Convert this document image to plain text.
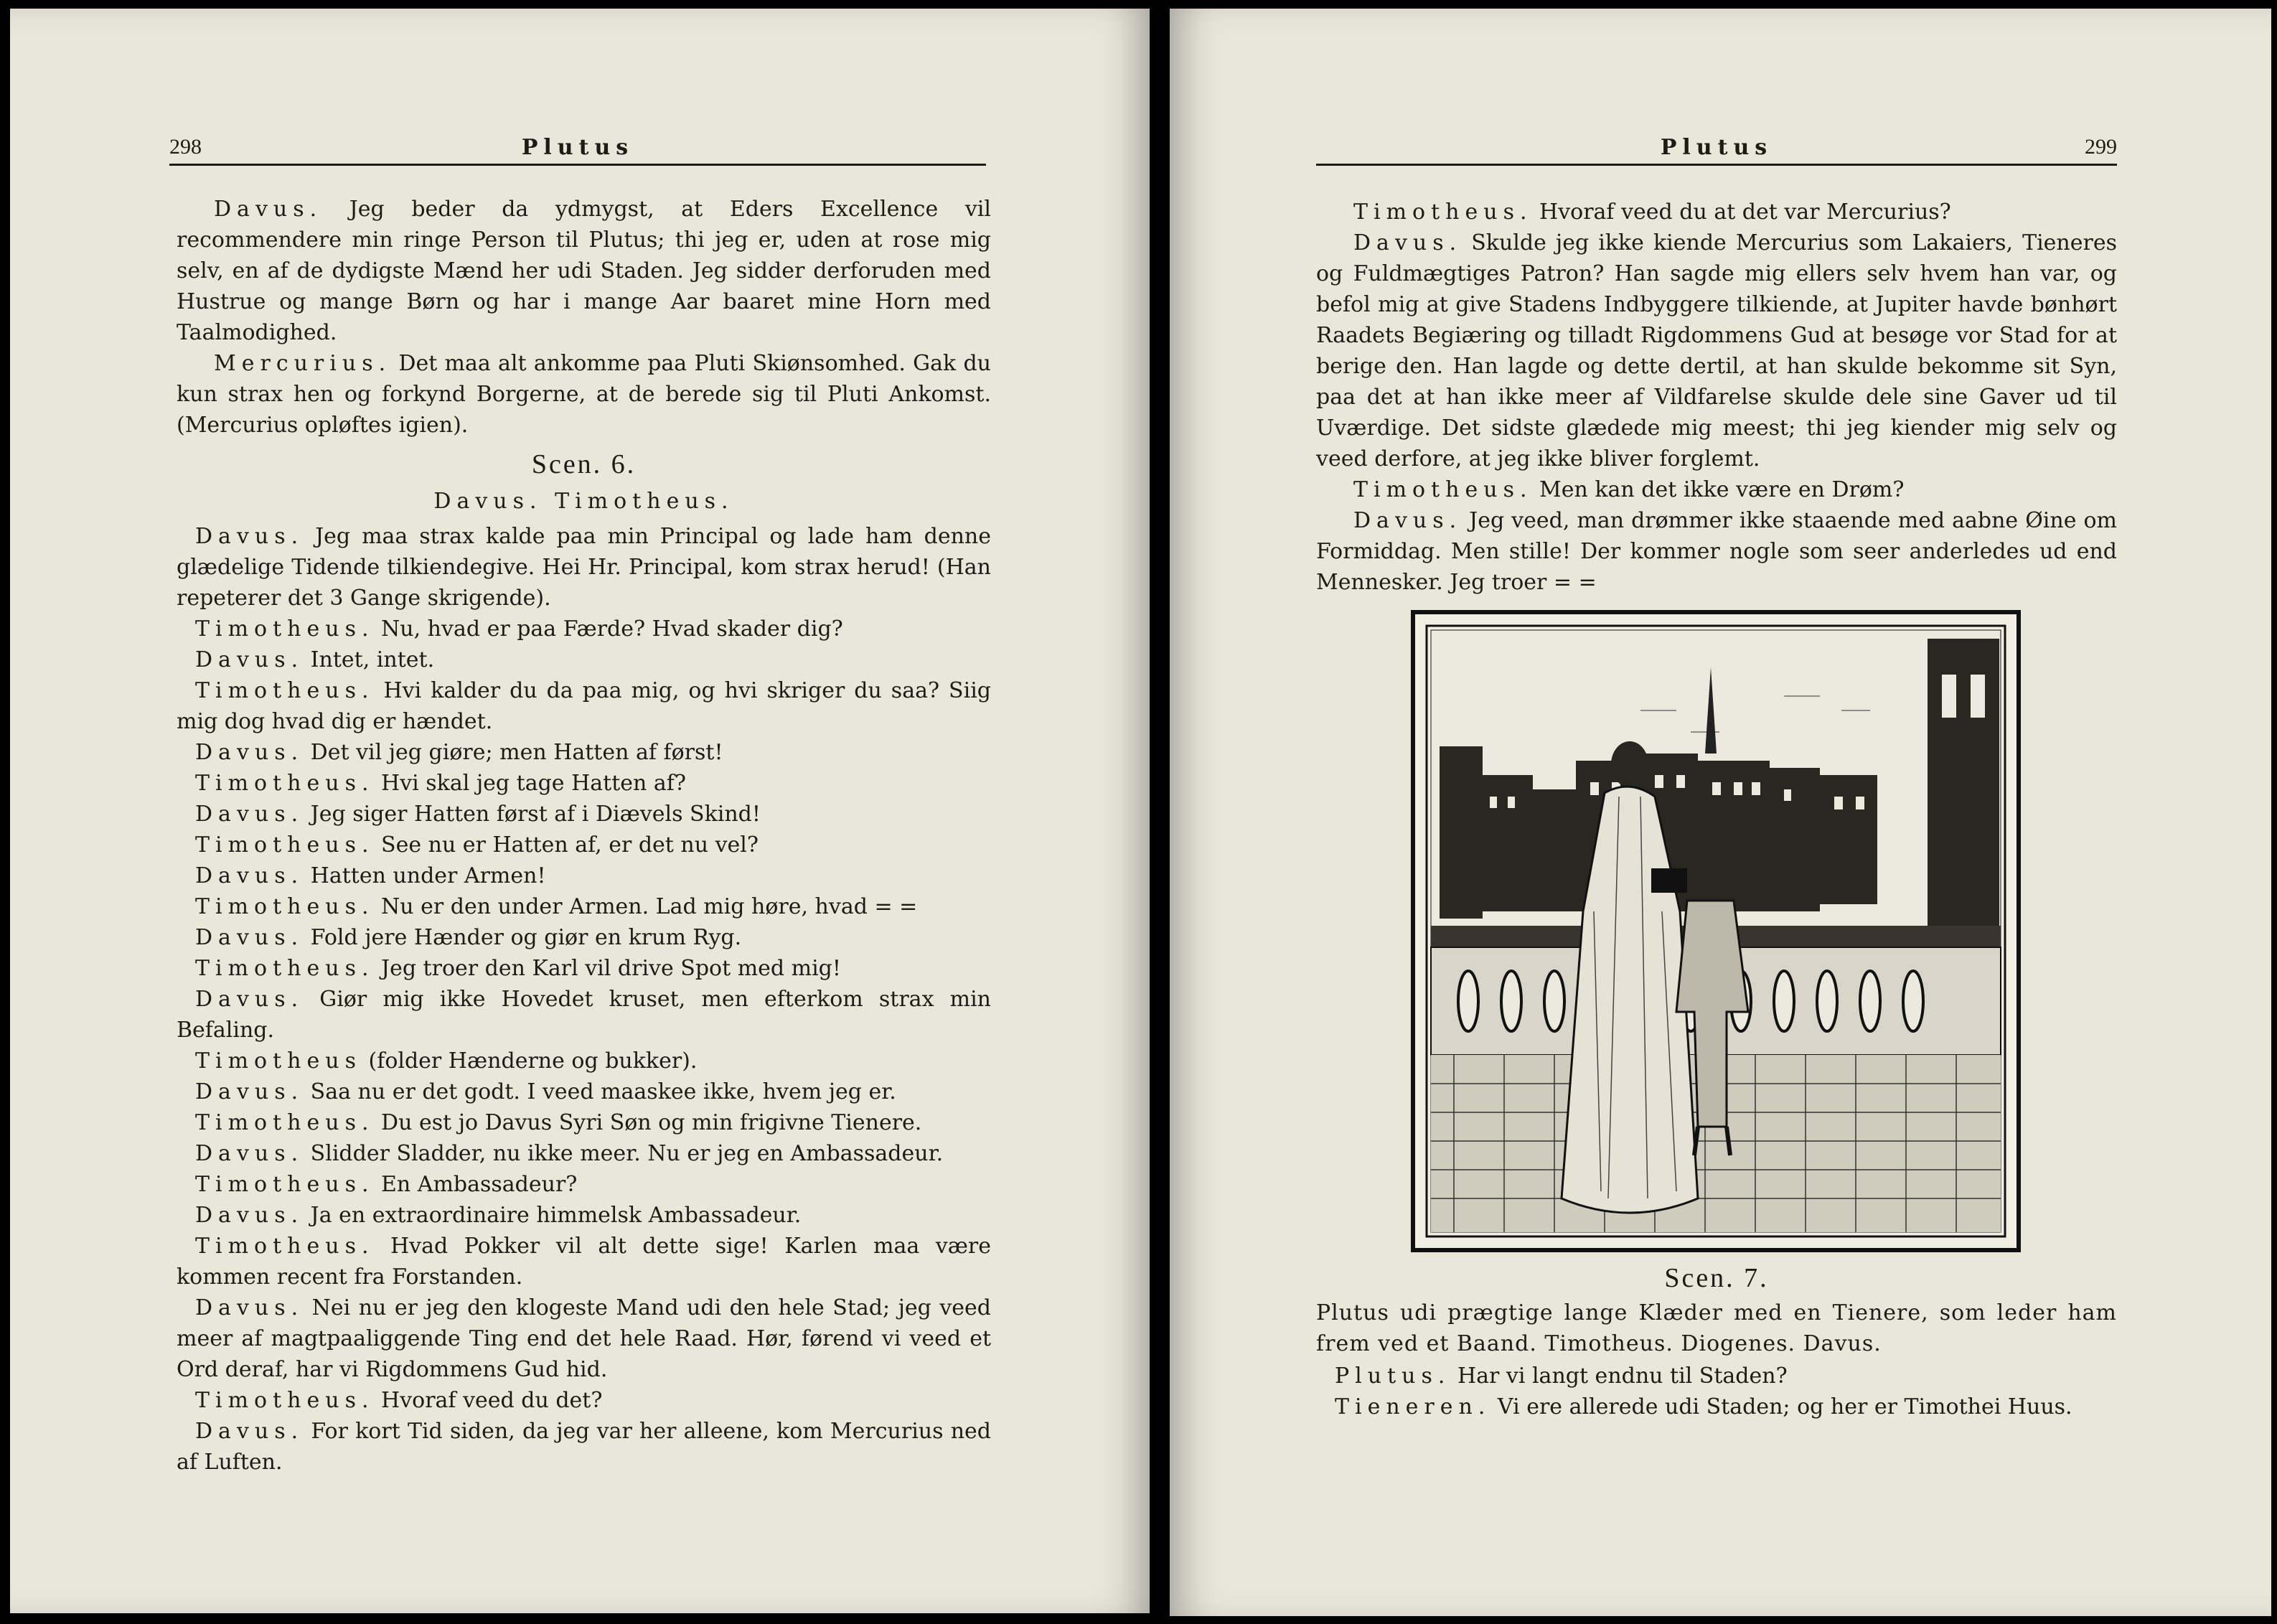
298	Plutus

Davus. Jeg beder da ydmygst, at Eders Excellence vil recommendere min ringe Person til Plutus; thi jeg er, uden at rose mig selv, en af de dydigste Mænd her udi Staden. Jeg sidder derforuden med Hustrue og mange Børn og har i mange Aar baaret mine Horn med Taalmodighed.

Mercurius. Det maa alt ankomme paa Pluti Skiønsomhed. Gak du kun strax hen og forkynd Borgerne, at de berede sig til Pluti Ankomst. (Mercurius opløftes igien).

Scen. 6.
Davus. Timotheus.

Davus. Jeg maa strax kalde paa min Principal og lade ham denne glædelige Tidende tilkiendegive. Hei Hr. Principal, kom strax herud! (Han repeterer det 3 Gange skrigende).

Timotheus. Nu, hvad er paa Færde? Hvad skader dig?

Davus. Intet, intet.

Timotheus. Hvi kalder du da paa mig, og hvi skriger du saa? Siig mig dog hvad dig er hændet.

Davus. Det vil jeg giøre; men Hatten af først!

Timotheus. Hvi skal jeg tage Hatten af?

Davus. Jeg siger Hatten først af i Diævels Skind!

Timotheus. See nu er Hatten af, er det nu vel?

Davus. Hatten under Armen!

Timotheus. Nu er den under Armen. Lad mig høre, hvad = =

Davus. Fold jere Hænder og giør en krum Ryg.

Timotheus. Jeg troer den Karl vil drive Spot med mig!

Davus. Giør mig ikke Hovedet kruset, men efterkom strax min Befaling.

Timotheus (folder Hænderne og bukker).

Davus. Saa nu er det godt. I veed maaskee ikke, hvem jeg er.

Timotheus. Du est jo Davus Syri Søn og min frigivne Tienere.

Davus. Slidder Sladder, nu ikke meer. Nu er jeg en Ambassadeur.

Timotheus. En Ambassadeur?

Davus. Ja en extraordinaire himmelsk Ambassadeur.

Timotheus. Hvad Pokker vil alt dette sige! Karlen maa være kommen recent fra Forstanden.

Davus. Nei nu er jeg den klogeste Mand udi den hele Stad; jeg veed meer af magtpaaliggende Ting end det hele Raad. Hør, førend vi veed et Ord deraf, har vi Rigdommens Gud hid.

Timotheus. Hvoraf veed du det?

Davus. For kort Tid siden, da jeg var her alleene, kom Mercurius ned af Luften.

Plutus	299

Timotheus. Hvoraf veed du at det var Mercurius?

Davus. Skulde jeg ikke kiende Mercurius som Lakaiers, Tieneres og Fuldmægtiges Patron? Han sagde mig ellers selv hvem han var, og befol mig at give Stadens Indbyggere tilkiende, at Jupiter havde bønhørt Raadets Begiæring og tilladt Rigdommens Gud at besøge vor Stad for at berige den. Han lagde og dette dertil, at han skulde bekomme sit Syn, paa det at han ikke meer af Vildfarelse skulde dele sine Gaver ud til Uværdige. Det sidste glædede mig meest; thi jeg kiender mig selv og veed derfore, at jeg ikke bliver forglemt.

Timotheus. Men kan det ikke være en Drøm?

Davus. Jeg veed, man drømmer ikke staaende med aabne Øine om Formiddag. Men stille! Der kommer nogle som seer anderledes ud end Mennesker. Jeg troer = =

Scen. 7.

Plutus udi prægtige lange Klæder med en Tienere, som leder ham frem ved et Baand. Timotheus. Diogenes. Davus.

Plutus. Har vi langt endnu til Staden?

Tieneren. Vi ere allerede udi Staden; og her er Timothei Huus.
